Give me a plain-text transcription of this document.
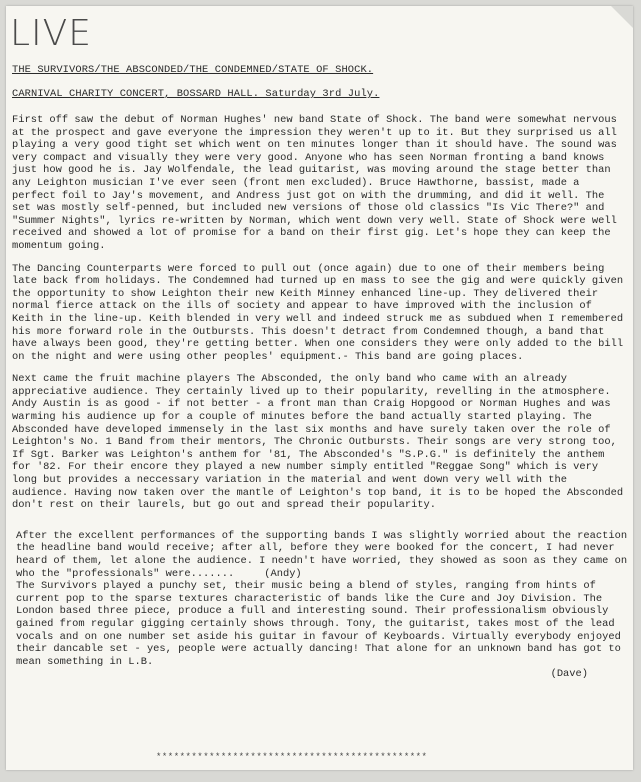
LIVE

THE SURVIVORS/THE ABSCONDED/THE CONDEMNED/STATE OF SHOCK.

CARNIVAL CHARITY CONCERT, BOSSARD HALL. Saturday 3rd July.

First off saw the debut of Norman Hughes' new band State of Shock. The band were somewhat nervous at the prospect and gave everyone the impression they weren't up to it. But they surprised us all playing a very good tight set which went on ten minutes longer than it should have. The sound was very compact and visually they were very good. Anyone who has seen Norman fronting a band knows just how good he is. Jay Wolfendale, the lead guitarist, was moving around the stage better than any Leighton musician I've ever seen (front men excluded). Bruce Hawthorne, bassist, made a perfect foil to Jay's movement, and Andress just got on with the drumming, and did it well. The set was mostly self-penned, but included new versions of those old classics "Is Vic There?" and "Summer Nights", lyrics re-written by Norman, which went down very well. State of Shock were well received and showed a lot of promise for a band on their first gig. Let's hope they can keep the momentum going.

The Dancing Counterparts were forced to pull out (once again) due to one of their members being late back from holidays. The Condemned had turned up en mass to see the gig and were quickly given the opportunity to show Leighton their new Keith Minney enhanced line-up. They delivered their normal fierce attack on the ills of society and appear to have improved with the inclusion of Keith in the line-up. Keith blended in very well and indeed struck me as subdued when I remembered his more forward role in the Outbursts. This doesn't detract from Condemned though, a band that have always been good, they're getting better. When one considers they were only added to the bill on the night and were using other peoples' equipment.- This band are going places.

Next came the fruit machine players The Absconded, the only band who came with an already appreciative audience. They certainly lived up to their popularity, revelling in the atmosphere. Andy Austin is as good - if not better - a front man than Craig Hopgood or Norman Hughes and was warming his audience up for a couple of minutes before the band actually started playing. The Absconded have developed immensely in the last six months and have surely taken over the role of Leighton's No. 1 Band from their mentors, The Chronic Outbursts. Their songs are very strong too, If Sgt. Barker was Leighton's anthem for '81, The Absconded's "S.P.G." is definitely the anthem for '82. For their encore they played a new number simply entitled "Reggae Song" which is very long but provides a neccessary variation in the material and went down very well with the audience. Having now taken over the mantle of Leighton's top band, it is to be hoped the Absconded don't rest on their laurels, but go out and spread their popularity.

After the excellent performances of the supporting bands I was slightly worried about the reaction the headline band would receive; after all, before they were booked for the concert, I had never heard of them, let alone the audience. I needn't have worried, they showed as soon as they came on who the "professionals" were.......	(Andy)

The Survivors played a punchy set, their music being a blend of styles, ranging from hints of current pop to the sparse textures characteristic of bands like the Cure and Joy Division. The London based three piece, produce a full and interesting sound. Their professionalism obviously gained from regular gigging certainly shows through. Tony, the guitarist, takes most of the lead vocals and on one number set aside his guitar in favour of Keyboards. Virtually everybody enjoyed their dancable set - yes, people were actually dancing! That alone for an unknown band has got to mean something in L.B.
(Dave)

**********************************************
